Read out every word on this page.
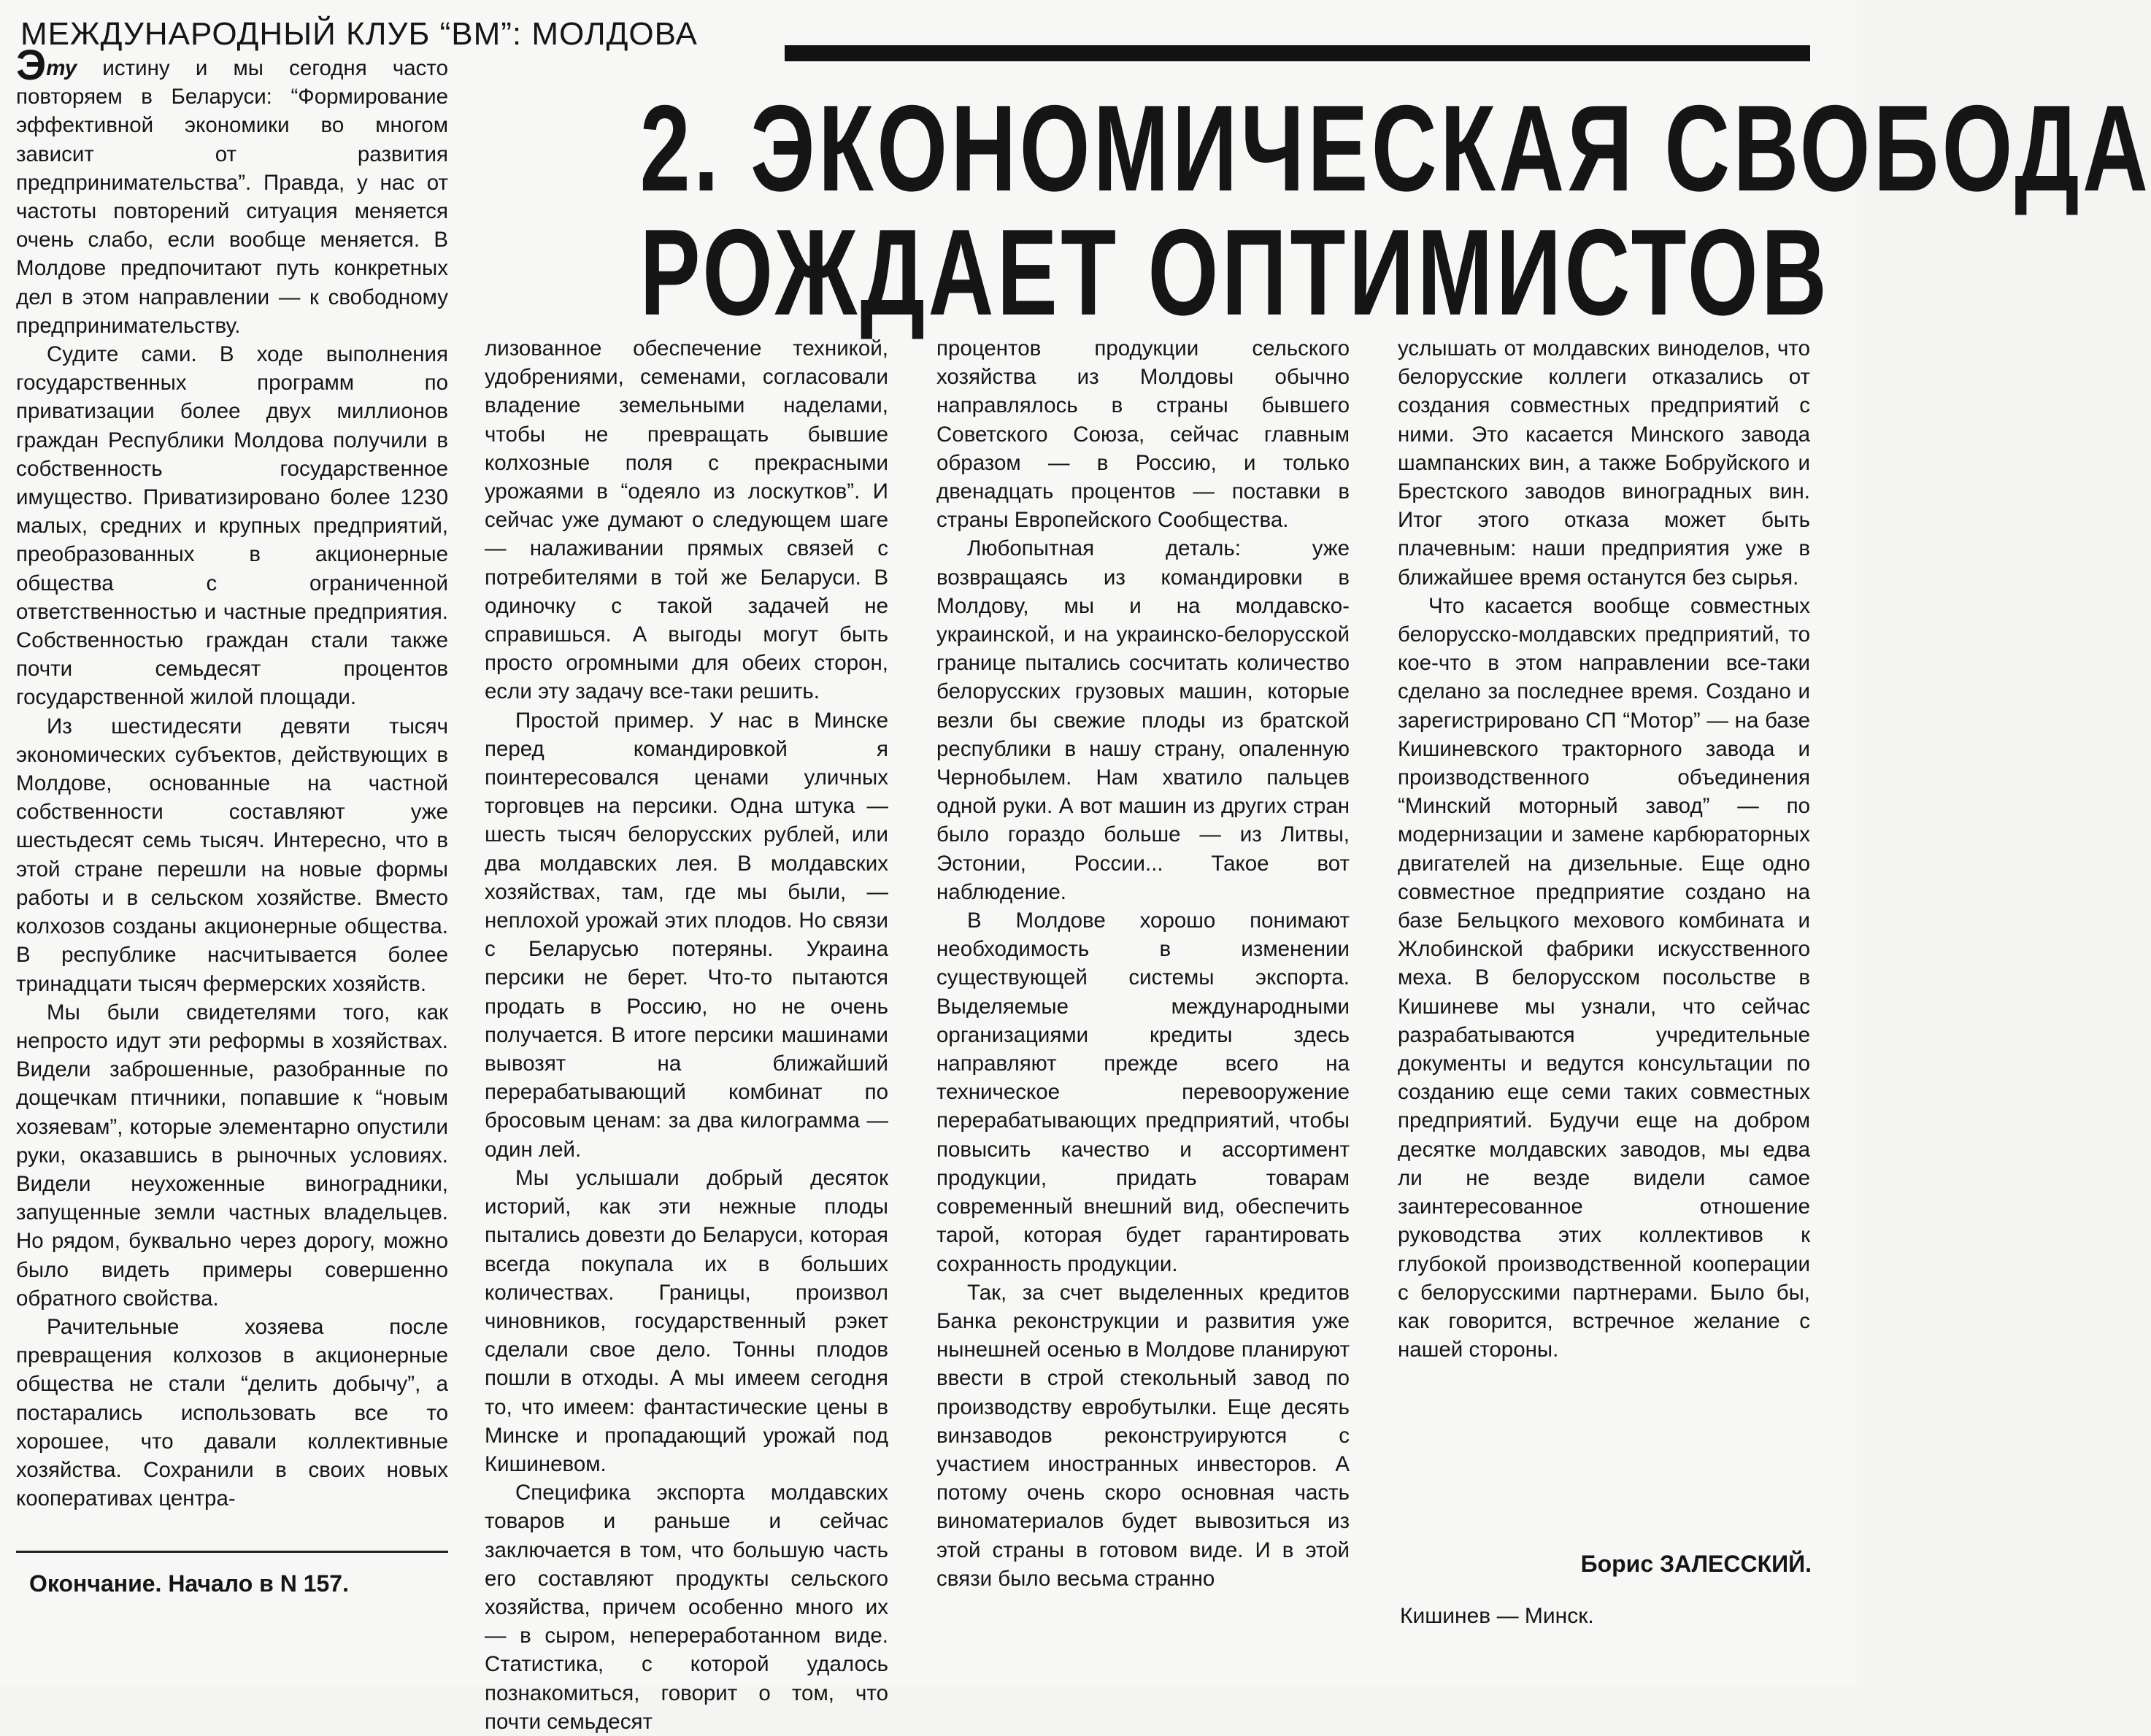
МЕЖДУНАРОДНЫЙ КЛУБ “ВМ”: МОЛДОВА
2. ЭКОНОМИЧЕСКАЯ СВОБОДА
РОЖДАЕТ ОПТИМИСТОВ

Эту истину и мы сегодня часто повторяем в Беларуси: “Формирование эффективной экономики во многом зависит от развития предпринимательства”. Правда, у нас от частоты повторений ситуация меняется очень слабо, если вообще меняется. В Молдове предпочитают путь конкретных дел в этом направлении — к свободному предпринимательству.

Судите сами. В ходе выполнения государственных программ по приватизации более двух миллионов граждан Республики Молдова получили в собственность государственное имущество. Приватизировано более 1230 малых, средних и крупных предприятий, преобразованных в акционерные общества с ограниченной ответственностью и частные предприятия. Собственностью граждан стали также почти семьдесят процентов государственной жилой площади.

Из шестидесяти девяти тысяч экономических субъектов, действующих в Молдове, основанные на частной собственности составляют уже шестьдесят семь тысяч. Интересно, что в этой стране перешли на новые формы работы и в сельском хозяйстве. Вместо колхозов созданы акционерные общества. В республике насчитывается более тринадцати тысяч фермерских хозяйств.

Мы были свидетелями того, как непросто идут эти реформы в хозяйствах. Видели заброшенные, разобранные по дощечкам птичники, попавшие к “новым хозяевам”, которые элементарно опустили руки, оказавшись в рыночных условиях. Видели неухоженные виноградники, запущенные земли частных владельцев. Но рядом, буквально через дорогу, можно было видеть примеры совершенно обратного свойства.

Рачительные хозяева после превращения колхозов в акционерные общества не стали “делить добычу”, а постарались использовать все то хорошее, что давали коллективные хозяйства. Сохранили в своих новых кооперативах центра-

Окончание. Начало в N 157.

лизованное обеспечение техникой, удобрениями, семенами, согласовали владение земельными наделами, чтобы не превращать бывшие колхозные поля с прекрасными урожаями в “одеяло из лоскутков”. И сейчас уже думают о следующем шаге — налаживании прямых связей с потребителями в той же Беларуси. В одиночку с такой задачей не справишься. А выгоды могут быть просто огромными для обеих сторон, если эту задачу все-таки решить.

Простой пример. У нас в Минске перед командировкой я поинтересовался ценами уличных торговцев на персики. Одна штука — шесть тысяч белорусских рублей, или два молдавских лея. В молдавских хозяйствах, там, где мы были, — неплохой урожай этих плодов. Но связи с Беларусью потеряны. Украина персики не берет. Что-то пытаются продать в Россию, но не очень получается. В итоге персики машинами вывозят на ближайший перерабатывающий комбинат по бросовым ценам: за два килограмма — один лей.

Мы услышали добрый десяток историй, как эти нежные плоды пытались довезти до Беларуси, которая всегда покупала их в больших количествах. Границы, произвол чиновников, государственный рэкет сделали свое дело. Тонны плодов пошли в отходы. А мы имеем сегодня то, что имеем: фантастические цены в Минске и пропадающий урожай под Кишиневом.

Специфика экспорта молдавских товаров и раньше и сейчас заключается в том, что большую часть его составляют продукты сельского хозяйства, причем особенно много их — в сыром, непереработанном виде. Статистика, с которой удалось познакомиться, говорит о том, что почти семьдесят

процентов продукции сельского хозяйства из Молдовы обычно направлялось в страны бывшего Советского Союза, сейчас главным образом — в Россию, и только двенадцать процентов — поставки в страны Европейского Сообщества.

Любопытная деталь: уже возвращаясь из командировки в Молдову, мы и на молдавско-украинской, и на украинско-белорусской границе пытались сосчитать количество белорусских грузовых машин, которые везли бы свежие плоды из братской республики в нашу страну, опаленную Чернобылем. Нам хватило пальцев одной руки. А вот машин из других стран было гораздо больше — из Литвы, Эстонии, России... Такое вот наблюдение.

В Молдове хорошо понимают необходимость в изменении существующей системы экспорта. Выделяемые международными организациями кредиты здесь направляют прежде всего на техническое перевооружение перерабатывающих предприятий, чтобы повысить качество и ассортимент продукции, придать товарам современный внешний вид, обеспечить тарой, которая будет гарантировать сохранность продукции.

Так, за счет выделенных кредитов Банка реконструкции и развития уже нынешней осенью в Молдове планируют ввести в строй стекольный завод по производству евробутылки. Еще десять винзаводов реконструируются с участием иностранных инвесторов. А потому очень скоро основная часть виноматериалов будет вывозиться из этой страны в готовом виде. И в этой связи было весьма странно

услышать от молдавских виноделов, что белорусские коллеги отказались от создания совместных предприятий с ними. Это касается Минского завода шампанских вин, а также Бобруйского и Брестского заводов виноградных вин. Итог этого отказа может быть плачевным: наши предприятия уже в ближайшее время останутся без сырья.

Что касается вообще совместных белорусско-молдавских предприятий, то кое-что в этом направлении все-таки сделано за последнее время. Создано и зарегистрировано СП “Мотор” — на базе Кишиневского тракторного завода и производственного объединения “Минский моторный завод” — по модернизации и замене карбюраторных двигателей на дизельные. Еще одно совместное предприятие создано на базе Бельцкого мехового комбината и Жлобинской фабрики искусственного меха. В белорусском посольстве в Кишиневе мы узнали, что сейчас разрабатываются учредительные документы и ведутся консультации по созданию еще семи таких совместных предприятий. Будучи еще на добром десятке молдавских заводов, мы едва ли не везде видели самое заинтересованное отношение руководства этих коллективов к глубокой производственной кооперации с белорусскими партнерами. Было бы, как говорится, встречное желание с нашей стороны.

Борис ЗАЛЕССКИЙ.
Кишинев — Минск.
